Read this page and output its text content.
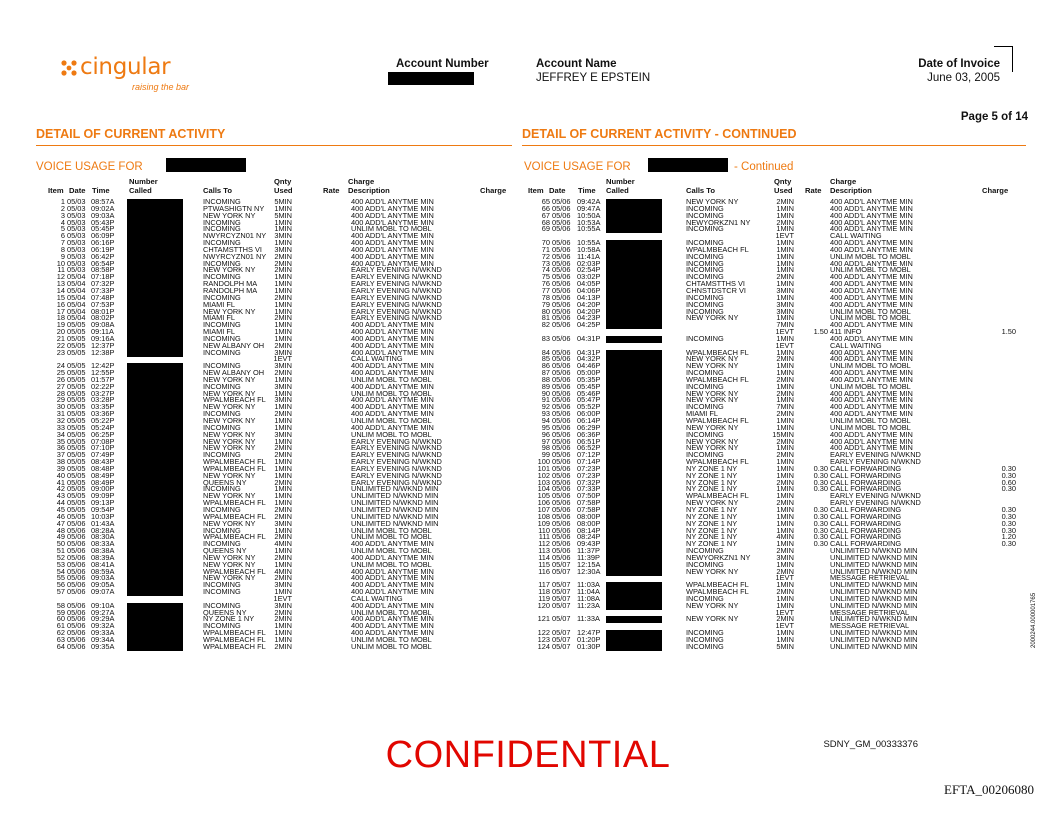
cingular
raising the bar
Account Number	Account Name
JEFFREY E EPSTEIN
Date of Invoice
June 03, 2005
Page 5 of 14
DETAIL OF CURRENT ACTIVITY	DETAIL OF CURRENT ACTIVITY - CONTINUED
VOICE USAGE FOR	VOICE USAGE FOR	- Continued
Number	Qnty	Charge
Item Date Time	Called	Calls To	Used	Rate Description	Charge
Number	Qnty	Charge
Item Date Time Called	Calls To	Used Rate Description	Charge
1 05/03 08:57A	INCOMING	5MIN	400 ADD'L ANYTME MIN
2 05/03 09:02A	PTWASHIGTN NY 1MIN	400 ADD'L ANYTME MIN
3 05/03 09:03A	NEW YORK NY	5MIN	400 ADD'L ANYTME MIN
4 05/03 05:43P	INCOMING	1MIN	400 ADD'L ANYTME MIN
5 05/03 05:45P	INCOMING	1MIN	UNLIM MOBL TO MOBL
6 05/03 06:09P	NWYRCYZN01 NY 3MIN	400 ADD'L ANYTME MIN
7 05/03 06:16P	INCOMING	1MIN	400 ADD'L ANYTME MIN
8 05/03 06:19P	CHTAMSTTHS VI 3MIN	400 ADD'L ANYTME MIN
9 05/03 06:42P	NWYRCYZN01 NY 2MIN	400 ADD'L ANYTME MIN
10 05/03 06:54P	INCOMING	2MIN	400 ADD'L ANYTME MIN
11 05/03 08:58P	NEW YORK NY	2MIN	EARLY EVENING N/WKND
12 05/04 07:18P	INCOMING	1MIN	EARLY EVENING N/WKND
13 05/04 07:32P	RANDOLPH MA 1MIN	EARLY EVENING N/WKND
14 05/04 07:33P	RANDOLPH MA 1MIN	EARLY EVENING N/WKND
15 05/04 07:48P	INCOMING	2MIN	EARLY EVENING N/WKND
16 05/04 07:53P	MIAMI FL	1MIN	EARLY EVENING N/WKND
17 05/04 08:01P	NEW YORK NY	1MIN	EARLY EVENING N/WKND
18 05/04 08:02P	MIAMI FL	2MIN	EARLY EVENING N/WKND
19 05/05 09:08A	INCOMING	1MIN	400 ADD'L ANYTME MIN
20 05/05 09:11A	MIAMI FL	1MIN	400 ADD'L ANYTME MIN
21 05/05 09:16A	INCOMING	1MIN	400 ADD'L ANYTME MIN
22 05/05 12:37P	NEW ALBANY OH 2MIN	400 ADD'L ANYTME MIN
23 05/05 12:38P	INCOMING	3MIN	400 ADD'L ANYTME MIN
1EVT	CALL WAITING
24 05/05 12:42P	INCOMING	3MIN	400 ADD'L ANYTME MIN
25 05/05 12:55P	NEW ALBANY OH 2MIN	400 ADD'L ANYTME MIN
26 05/05 01:57P	NEW YORK NY	1MIN	UNLIM MOBL TO MOBL
27 05/05 02:22P	INCOMING	3MIN	400 ADD'L ANYTME MIN
28 05/05 03:27P	NEW YORK NY	1MIN	UNLIM MOBL TO MOBL
29 05/05 03:28P	WPALMBEACH FL 3MIN	400 ADD'L ANYTME MIN
30 05/05 03:35P	NEW YORK NY	1MIN	400 ADD'L ANYTME MIN
31 05/05 03:36P	INCOMING	2MIN	400 ADD'L ANYTME MIN
32 05/05 05:22P	NEW YORK NY	1MIN	UNLIM MOBL TO MOBL
33 05/05 05:24P	INCOMING	1MIN	400 ADD'L ANYTME MIN
34 05/05 06:25P	NEW YORK NY	3MIN	UNLIM MOBL TO MOBL
35 05/05 07:08P	NEW YORK NY	1MIN	EARLY EVENING N/WKND
36 05/05 07:10P	NEW YORK NY	2MIN	EARLY EVENING N/WKND
37 05/05 07:49P	INCOMING	2MIN	EARLY EVENING N/WKND
38 05/05 08:43P	WPALMBEACH FL 1MIN	EARLY EVENING N/WKND
39 05/05 08:48P	WPALMBEACH FL 1MIN	EARLY EVENING N/WKND
40 05/05 08:49P	NEW YORK NY	1MIN	EARLY EVENING N/WKND
41 05/05 08:49P	QUEENS NY	2MIN	EARLY EVENING N/WKND
42 05/05 09:00P	INCOMING	1MIN	UNLIMITED N/WKND MIN
43 05/05 09:09P	NEW YORK NY	1MIN	UNLIMITED N/WKND MIN
44 05/05 09:13P	WPALMBEACH FL 1MIN	UNLIMITED N/WKND MIN
45 05/05 09:54P	INCOMING	2MIN	UNLIMITED N/WKND MIN
46 05/05 10:03P	WPALMBEACH FL 2MIN	UNLIMITED N/WKND MIN
47 05/06 01:43A	NEW YORK NY	3MIN	UNLIMITED N/WKND MIN
48 05/06 08:28A	INCOMING	1MIN	UNLIM MOBL TO MOBL
49 05/06 08:30A	WPALMBEACH FL 2MIN	UNLIM MOBL TO MOBL
50 05/06 08:33A	INCOMING	4MIN	400 ADD'L ANYTME MIN
51 05/06 08:38A	QUEENS NY	1MIN	UNLIM MOBL TO MOBL
52 05/06 08:39A	NEW YORK NY	2MIN	400 ADD'L ANYTME MIN
53 05/06 08:41A	NEW YORK NY	1MIN	UNLIM MOBL TO MOBL
54 05/06 08:59A	WPALMBEACH FL 4MIN	400 ADD'L ANYTME MIN
55 05/06 09:03A	NEW YORK NY	2MIN	400 ADD'L ANYTME MIN
56 05/06 09:05A	INCOMING	3MIN	400 ADD'L ANYTME MIN
57 05/06 09:07A	INCOMING	1MIN	400 ADD'L ANYTME MIN
1EVT	CALL WAITING
58 05/06 09:10A	INCOMING	3MIN	400 ADD'L ANYTME MIN
59 05/06 09:27A	QUEENS NY	2MIN	UNLIM MOBL TO MOBL
60 05/06 09:29A	NY ZONE 1 NY	2MIN	400 ADD'L ANYTME MIN
61 05/06 09:32A	INCOMING	1MIN	400 ADD'L ANYTME MIN
62 05/06 09:33A	WPALMBEACH FL 1MIN	400 ADD'L ANYTME MIN
63 05/06 09:34A	WPALMBEACH FL 1MIN	UNLIM MOBL TO MOBL
64 05/06 09:35A	WPALMBEACH FL 2MIN	UNLIM MOBL TO MOBL
65 05/06 09:42A	NEW YORK NY	2MIN	400 ADD'L ANYTME MIN
66 05/06 09:47A	INCOMING	1MIN	400 ADD'L ANYTME MIN
67 05/06 10:50A	INCOMING	1MIN	400 ADD'L ANYTME MIN
68 05/06 10:53A	NEWYORKZN1 NY	2MIN	400 ADD'L ANYTME MIN
69 05/06 10:55A	INCOMING	1MIN	400 ADD'L ANYTME MIN
1EVT	CALL WAITING
70 05/06 10:55A	INCOMING	1MIN	400 ADD'L ANYTME MIN
71 05/06 10:58A	WPALMBEACH FL	1MIN	400 ADD'L ANYTME MIN
72 05/06 11:41A	INCOMING	1MIN	UNLIM MOBL TO MOBL
73 05/06 02:03P	INCOMING	1MIN	400 ADD'L ANYTME MIN
74 05/06 02:54P	INCOMING	1MIN	UNLIM MOBL TO MOBL
75 05/06 03:02P	INCOMING	2MIN	400 ADD'L ANYTME MIN
76 05/06 04:05P	CHTAMSTTHS VI	1MIN	400 ADD'L ANYTME MIN
77 05/06 04:06P	CHNSTDSTCR VI	3MIN	400 ADD'L ANYTME MIN
78 05/06 04:13P	INCOMING	1MIN	400 ADD'L ANYTME MIN
79 05/06 04:20P	INCOMING	3MIN	400 ADD'L ANYTME MIN
80 05/06 04:20P	INCOMING	3MIN	UNLIM MOBL TO MOBL
81 05/06 04:23P	NEW YORK NY	1MIN	UNLIM MOBL TO MOBL
82 05/06 04:25P	7MIN	400 ADD'L ANYTME MIN
1EVT	1.50 411 INFO	1.50
83 05/06 04:31P	INCOMING	1MIN	400 ADD'L ANYTME MIN
1EVT	CALL WAITING
84 05/06 04:31P	WPALMBEACH FL	1MIN	400 ADD'L ANYTME MIN
85 05/06 04:32P	NEW YORK NY	2MIN	400 ADD'L ANYTME MIN
86 05/06 04:46P	NEW YORK NY	1MIN	UNLIM MOBL TO MOBL
87 05/06 05:00P	INCOMING	1MIN	400 ADD'L ANYTME MIN
88 05/06 05:35P	WPALMBEACH FL	2MIN	400 ADD'L ANYTME MIN
89 05/06 05:45P	INCOMING	1MIN	UNLIM MOBL TO MOBL
90 05/06 05:46P	NEW YORK NY	2MIN	400 ADD'L ANYTME MIN
91 05/06 05:47P	NEW YORK NY	1MIN	400 ADD'L ANYTME MIN
92 05/06 05:52P	INCOMING	7MIN	400 ADD'L ANYTME MIN
93 05/06 06:00P	MIAMI FL	2MIN	400 ADD'L ANYTME MIN
94 05/06 06:14P	WPALMBEACH FL	1MIN	UNLIM MOBL TO MOBL
95 05/06 06:29P	NEW YORK NY	1MIN	UNLIM MOBL TO MOBL
96 05/06 06:36P	INCOMING	15MIN	400 ADD'L ANYTME MIN
97 05/06 06:51P	NEW YORK NY	2MIN	400 ADD'L ANYTME MIN
98 05/06 06:52P	NEW YORK NY	1MIN	400 ADD'L ANYTME MIN
99 05/06 07:12P	INCOMING	2MIN	EARLY EVENING N/WKND
100 05/06 07:14P	WPALMBEACH FL	1MIN	EARLY EVENING N/WKND
101 05/06 07:23P	NY ZONE 1 NY	1MIN	0.30 CALL FORWARDING	0.30
102 05/06 07:23P	NY ZONE 1 NY	1MIN	0.30 CALL FORWARDING	0.30
103 05/06 07:32P	NY ZONE 1 NY	2MIN	0.30 CALL FORWARDING	0.60
104 05/06 07:33P	NY ZONE 1 NY	1MIN	0.30 CALL FORWARDING	0.30
105 05/06 07:50P	WPALMBEACH FL	1MIN	EARLY EVENING N/WKND
106 05/06 07:58P	NEW YORK NY	2MIN	EARLY EVENING N/WKND
107 05/06 07:58P	NY ZONE 1 NY	1MIN	0.30 CALL FORWARDING	0.30
108 05/06 08:00P	NY ZONE 1 NY	1MIN	0.30 CALL FORWARDING	0.30
109 05/06 08:00P	NY ZONE 1 NY	1MIN	0.30 CALL FORWARDING	0.30
110 05/06 08:14P	NY ZONE 1 NY	1MIN	0.30 CALL FORWARDING	0.30
111 05/06 08:24P	NY ZONE 1 NY	4MIN	0.30 CALL FORWARDING	1.20
112 05/06 09:43P	NY ZONE 1 NY	1MIN	0.30 CALL FORWARDING	0.30
113 05/06 11:37P	INCOMING	2MIN	UNLIMITED N/WKND MIN
114 05/06 11:39P	NEWYORKZN1 NY	3MIN	UNLIMITED N/WKND MIN
115 05/07 12:15A	INCOMING	1MIN	UNLIMITED N/WKND MIN
116 05/07 12:30A	NEW YORK NY	2MIN	UNLIMITED N/WKND MIN
1EVT	MESSAGE RETRIEVAL
117 05/07 11:03A	WPALMBEACH FL	1MIN	UNLIMITED N/WKND MIN
118 05/07 11:04A	WPALMBEACH FL	2MIN	UNLIMITED N/WKND MIN
119 05/07 11:08A	INCOMING	1MIN	UNLIMITED N/WKND MIN
120 05/07 11:23A	NEW YORK NY	1MIN	UNLIMITED N/WKND MIN
1EVT	MESSAGE RETRIEVAL
121 05/07 11:33A	NEW YORK NY	2MIN	UNLIMITED N/WKND MIN
1EVT	MESSAGE RETRIEVAL
122 05/07 12:47P	INCOMING	1MIN	UNLIMITED N/WKND MIN
123 05/07 01:20P	INCOMING	1MIN	UNLIMITED N/WKND MIN
124 05/07 01:30P	INCOMING	5MIN	UNLIMITED N/WKND MIN
CONFIDENTIAL	SDNY_GM_00333376
EFTA_00206080
2000244.000001765
